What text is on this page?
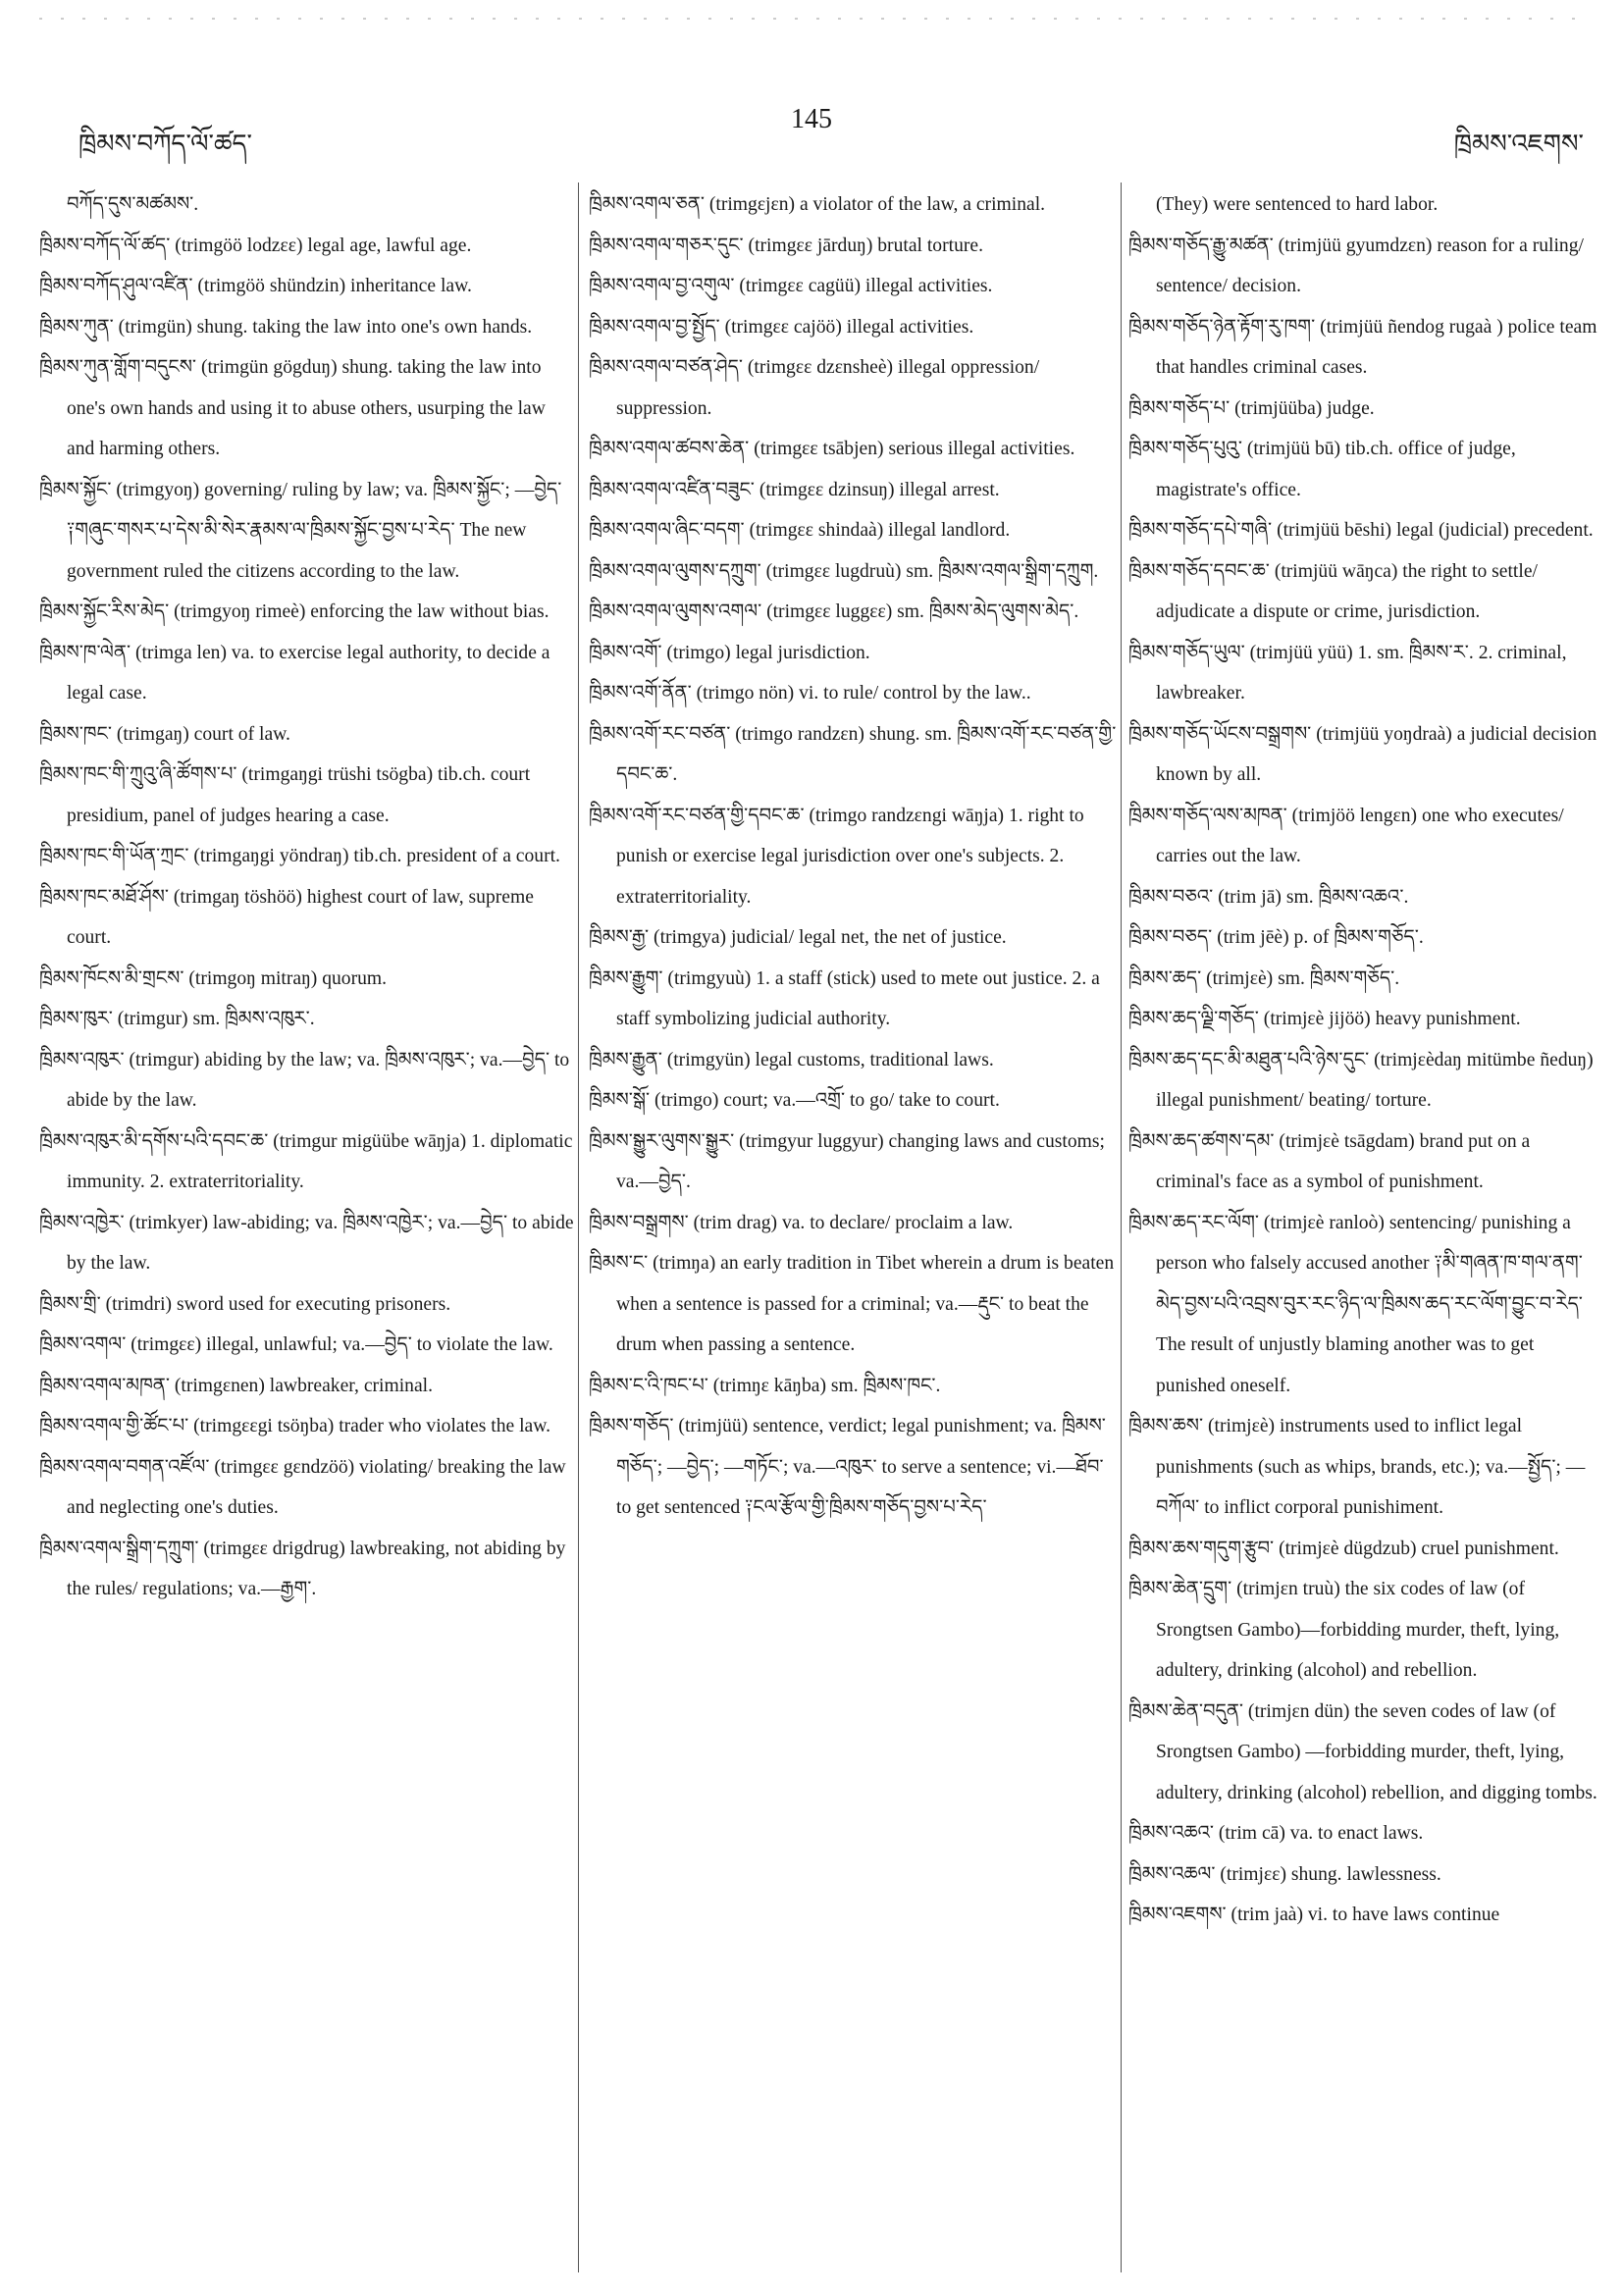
ཁྲིམས་བཀོད་ལོ་ཚད་
145
ཁྲིམས་འཇགས་

བཀོད་དུས་མཚམས་.

ཁྲིམས་བཀོད་ལོ་ཚད་ (trimgöö lodzεε) legal age, lawful age.

ཁྲིམས་བཀོད་ཤུལ་འཛིན་ (trimgöö shündzin) inheritance law.

ཁྲིམས་ཀུན་ (trimgün) shung. taking the law into one's own hands.

ཁྲིམས་ཀུན་གློག་བདུངས་ (trimgün gögduŋ) shung. taking the law into one's own hands and using it to abuse others, usurping the law and harming others.

ཁྲིམས་སྐྱོང་ (trimgyoŋ) governing/ ruling by law; va. ཁྲིམས་སྐྱོང་; —བྱེད་ ༑གཞུང་གསར་པ་དེས་མི་སེར་རྣམས་ལ་ཁྲིམས་སྐྱོང་བྱས་པ་རེད་ The new government ruled the citizens according to the law.

ཁྲིམས་སྐྱོང་རིས་མེད་ (trimgyoŋ rimeè) enforcing the law without bias.

ཁྲིམས་ཁ་ལེན་ (trimga len) va. to exercise legal authority, to decide a legal case.

ཁྲིམས་ཁང་ (trimgaŋ) court of law.

ཁྲིམས་ཁང་གི་ཀྲུའུ་ཞི་ཚོགས་པ་ (trimgaŋgi trüshi tsögba) tib.ch. court presidium, panel of judges hearing a case.

ཁྲིམས་ཁང་གི་ཡོན་ཀྲང་ (trimgaŋgi yöndraŋ) tib.ch. president of a court.

ཁྲིམས་ཁང་མཐོ་ཤོས་ (trimgaŋ töshöö) highest court of law, supreme court.

ཁྲིམས་ཁོངས་མི་གྲངས་ (trimgoŋ mitraŋ) quorum.

ཁྲིམས་ཁུར་ (trimgur) sm. ཁྲིམས་འཁུར་.

ཁྲིམས་འཁུར་ (trimgur) abiding by the law; va. ཁྲིམས་འཁུར་; va.—བྱེད་ to abide by the law.

ཁྲིམས་འཁུར་མི་དགོས་པའི་དབང་ཆ་ (trimgur migüübe wāŋja) 1. diplomatic immunity. 2. extraterritoriality.

ཁྲིམས་འཁྱེར་ (trimkyer) law-abiding; va. ཁྲིམས་འཁྱེར་; va.—བྱེད་ to abide by the law.

ཁྲིམས་གྲི་ (trimdri) sword used for executing prisoners.

ཁྲིམས་འགལ་ (trimgεε) illegal, unlawful; va.—བྱེད་ to violate the law.

ཁྲིམས་འགལ་མཁན་ (trimgεnen) lawbreaker, criminal.

ཁྲིམས་འགལ་གྱི་ཚོང་པ་ (trimgεεgi tsöŋba) trader who violates the law.

ཁྲིམས་འགལ་བགན་འཛོལ་ (trimgεε gεndzöö) violating/ breaking the law and neglecting one's duties.

ཁྲིམས་འགལ་སྒྲིག་དཀྲུག་ (trimgεε drigdrug) lawbreaking, not abiding by the rules/ regulations; va.—རྒྱག་.

ཁྲིམས་འགལ་ཅན་ (trimgεjεn) a violator of the law, a criminal.

ཁྲིམས་འགལ་གཅར་དུང་ (trimgεε jārduŋ) brutal torture.

ཁྲིམས་འགལ་བྱ་འགུལ་ (trimgεε cagüü) illegal activities.

ཁྲིམས་འགལ་བྱ་སྤྱོད་ (trimgεε cajöö) illegal activities.

ཁྲིམས་འགལ་བཙན་ཤེད་ (trimgεε dzεnsheè) illegal oppression/ suppression.

ཁྲིམས་འགལ་ཚབས་ཆེན་ (trimgεε tsābjen) serious illegal activities.

ཁྲིམས་འགལ་འཛིན་བཟུང་ (trimgεε dzinsuŋ) illegal arrest.

ཁྲིམས་འགལ་ཞིང་བདག་ (trimgεε shindaà) illegal landlord.

ཁྲིམས་འགལ་ལུགས་དཀྲུག་ (trimgεε lugdruù) sm. ཁྲིམས་འགལ་སྒྲིག་དཀྲུག.

ཁྲིམས་འགལ་ལུགས་འགལ་ (trimgεε luggεε) sm. ཁྲིམས་མེད་ལུགས་མེད་.

ཁྲིམས་འགོ་ (trimgo) legal jurisdiction.

ཁྲིམས་འགོ་ནོན་ (trimgo nön) vi. to rule/ control by the law..

ཁྲིམས་འགོ་རང་བཙན་ (trimgo randzεn) shung. sm. ཁྲིམས་འགོ་རང་བཙན་གྱི་དབང་ཆ་.

ཁྲིམས་འགོ་རང་བཙན་གྱི་དབང་ཆ་ (trimgo randzεngi wāŋja) 1. right to punish or exercise legal jurisdiction over one's subjects. 2. extraterritoriality.

ཁྲིམས་རྒྱ་ (trimgya) judicial/ legal net, the net of justice.

ཁྲིམས་རྒྱུག་ (trimgyuù) 1. a staff (stick) used to mete out justice. 2. a staff symbolizing judicial authority.

ཁྲིམས་རྒྱུན་ (trimgyün) legal customs, traditional laws.

ཁྲིམས་སྒོ་ (trimgo) court; va.—འགྲོ་ to go/ take to court.

ཁྲིམས་སྒྱུར་ལུགས་སྒྱུར་ (trimgyur luggyur) changing laws and customs; va.—བྱེད་.

ཁྲིམས་བསྒྲགས་ (trim drag) va. to declare/ proclaim a law.

ཁྲིམས་ང་ (trimŋa) an early tradition in Tibet wherein a drum is beaten when a sentence is passed for a criminal; va.—རྡུང་ to beat the drum when passing a sentence.

ཁྲིམས་ང་འི་ཁང་པ་ (trimŋε kāŋba) sm. ཁྲིམས་ཁང་.

ཁྲིམས་གཅོད་ (trimjüü) sentence, verdict; legal punishment; va. ཁྲིམས་གཅོད་; —བྱེད་; —གཏོང་; va.—འཁུར་ to serve a sentence; vi.—ཐོབ་ to get sentenced ༑ངལ་རྩོལ་གྱི་ཁྲིམས་གཅོད་བྱས་པ་རེད་

(They) were sentenced to hard labor.

ཁྲིམས་གཅོད་རྒྱུ་མཚན་ (trimjüü gyumdzεn) reason for a ruling/ sentence/ decision.

ཁྲིམས་གཅོད་ཉེན་རྟོག་རུ་ཁག་ (trimjüü ñendog rugaà ) police team that handles criminal cases.

ཁྲིམས་གཅོད་པ་ (trimjüüba) judge.

ཁྲིམས་གཅོད་པུའུ་ (trimjüü bū) tib.ch. office of judge, magistrate's office.

ཁྲིམས་གཅོད་དཔེ་གཞི་ (trimjüü bēshi) legal (judicial) precedent.

ཁྲིམས་གཅོད་དབང་ཆ་ (trimjüü wāŋca) the right to settle/ adjudicate a dispute or crime, jurisdiction.

ཁྲིམས་གཅོད་ཡུལ་ (trimjüü yüü) 1. sm. ཁྲིམས་ར་. 2. criminal, lawbreaker.

ཁྲིམས་གཅོད་ཡོངས་བསྒྲགས་ (trimjüü yoŋdraà) a judicial decision known by all.

ཁྲིམས་གཅོད་ལས་མཁན་ (trimjöö lengεn) one who executes/ carries out the law.

ཁྲིམས་བཅའ་ (trim jā) sm. ཁྲིམས་འཆའ་.

ཁྲིམས་བཅད་ (trim jēè) p. of ཁྲིམས་གཅོད་.

ཁྲིམས་ཆད་ (trimjεè) sm. ཁྲིམས་གཅོད་.

ཁྲིམས་ཆད་ལྗི་གཅོད་ (trimjεè jijöö) heavy punishment.

ཁྲིམས་ཆད་དང་མི་མཐུན་པའི་ཉེས་དུང་ (trimjεèdaŋ mitümbe ñeduŋ) illegal punishment/ beating/ torture.

ཁྲིམས་ཆད་ཚགས་དམ་ (trimjεè tsāgdam) brand put on a criminal's face as a symbol of punishment.

ཁྲིམས་ཆད་རང་ལོག་ (trimjεè ranloò) sentencing/ punishing a person who falsely accused another ༑མི་གཞན་ཁ་གལ་ནག་མེད་བྱས་པའི་འབྲས་བུར་རང་ཉིད་ལ་ཁྲིམས་ཆད་རང་ལོག་བྱུང་བ་རེད་ The result of unjustly blaming another was to get punished oneself.

ཁྲིམས་ཆས་ (trimjεè) instruments used to inflict legal punishments (such as whips, brands, etc.); va.—སྤྱོད་; —བཀོལ་ to inflict corporal punishiment.

ཁྲིམས་ཆས་གདུག་རྩུབ་ (trimjεè dügdzub) cruel punishment.

ཁྲིམས་ཆེན་དྲུག་ (trimjεn truù) the six codes of law (of Srongtsen Gambo)—forbidding murder, theft, lying, adultery, drinking (alcohol) and rebellion.

ཁྲིམས་ཆེན་བདུན་ (trimjεn dün) the seven codes of law (of Srongtsen Gambo) —forbidding murder, theft, lying, adultery, drinking (alcohol) rebellion, and digging tombs.

ཁྲིམས་འཆའ་ (trim cā) va. to enact laws.

ཁྲིམས་འཆལ་ (trimjεε) shung. lawlessness.

ཁྲིམས་འཇགས་ (trim jaà) vi. to have laws continue
